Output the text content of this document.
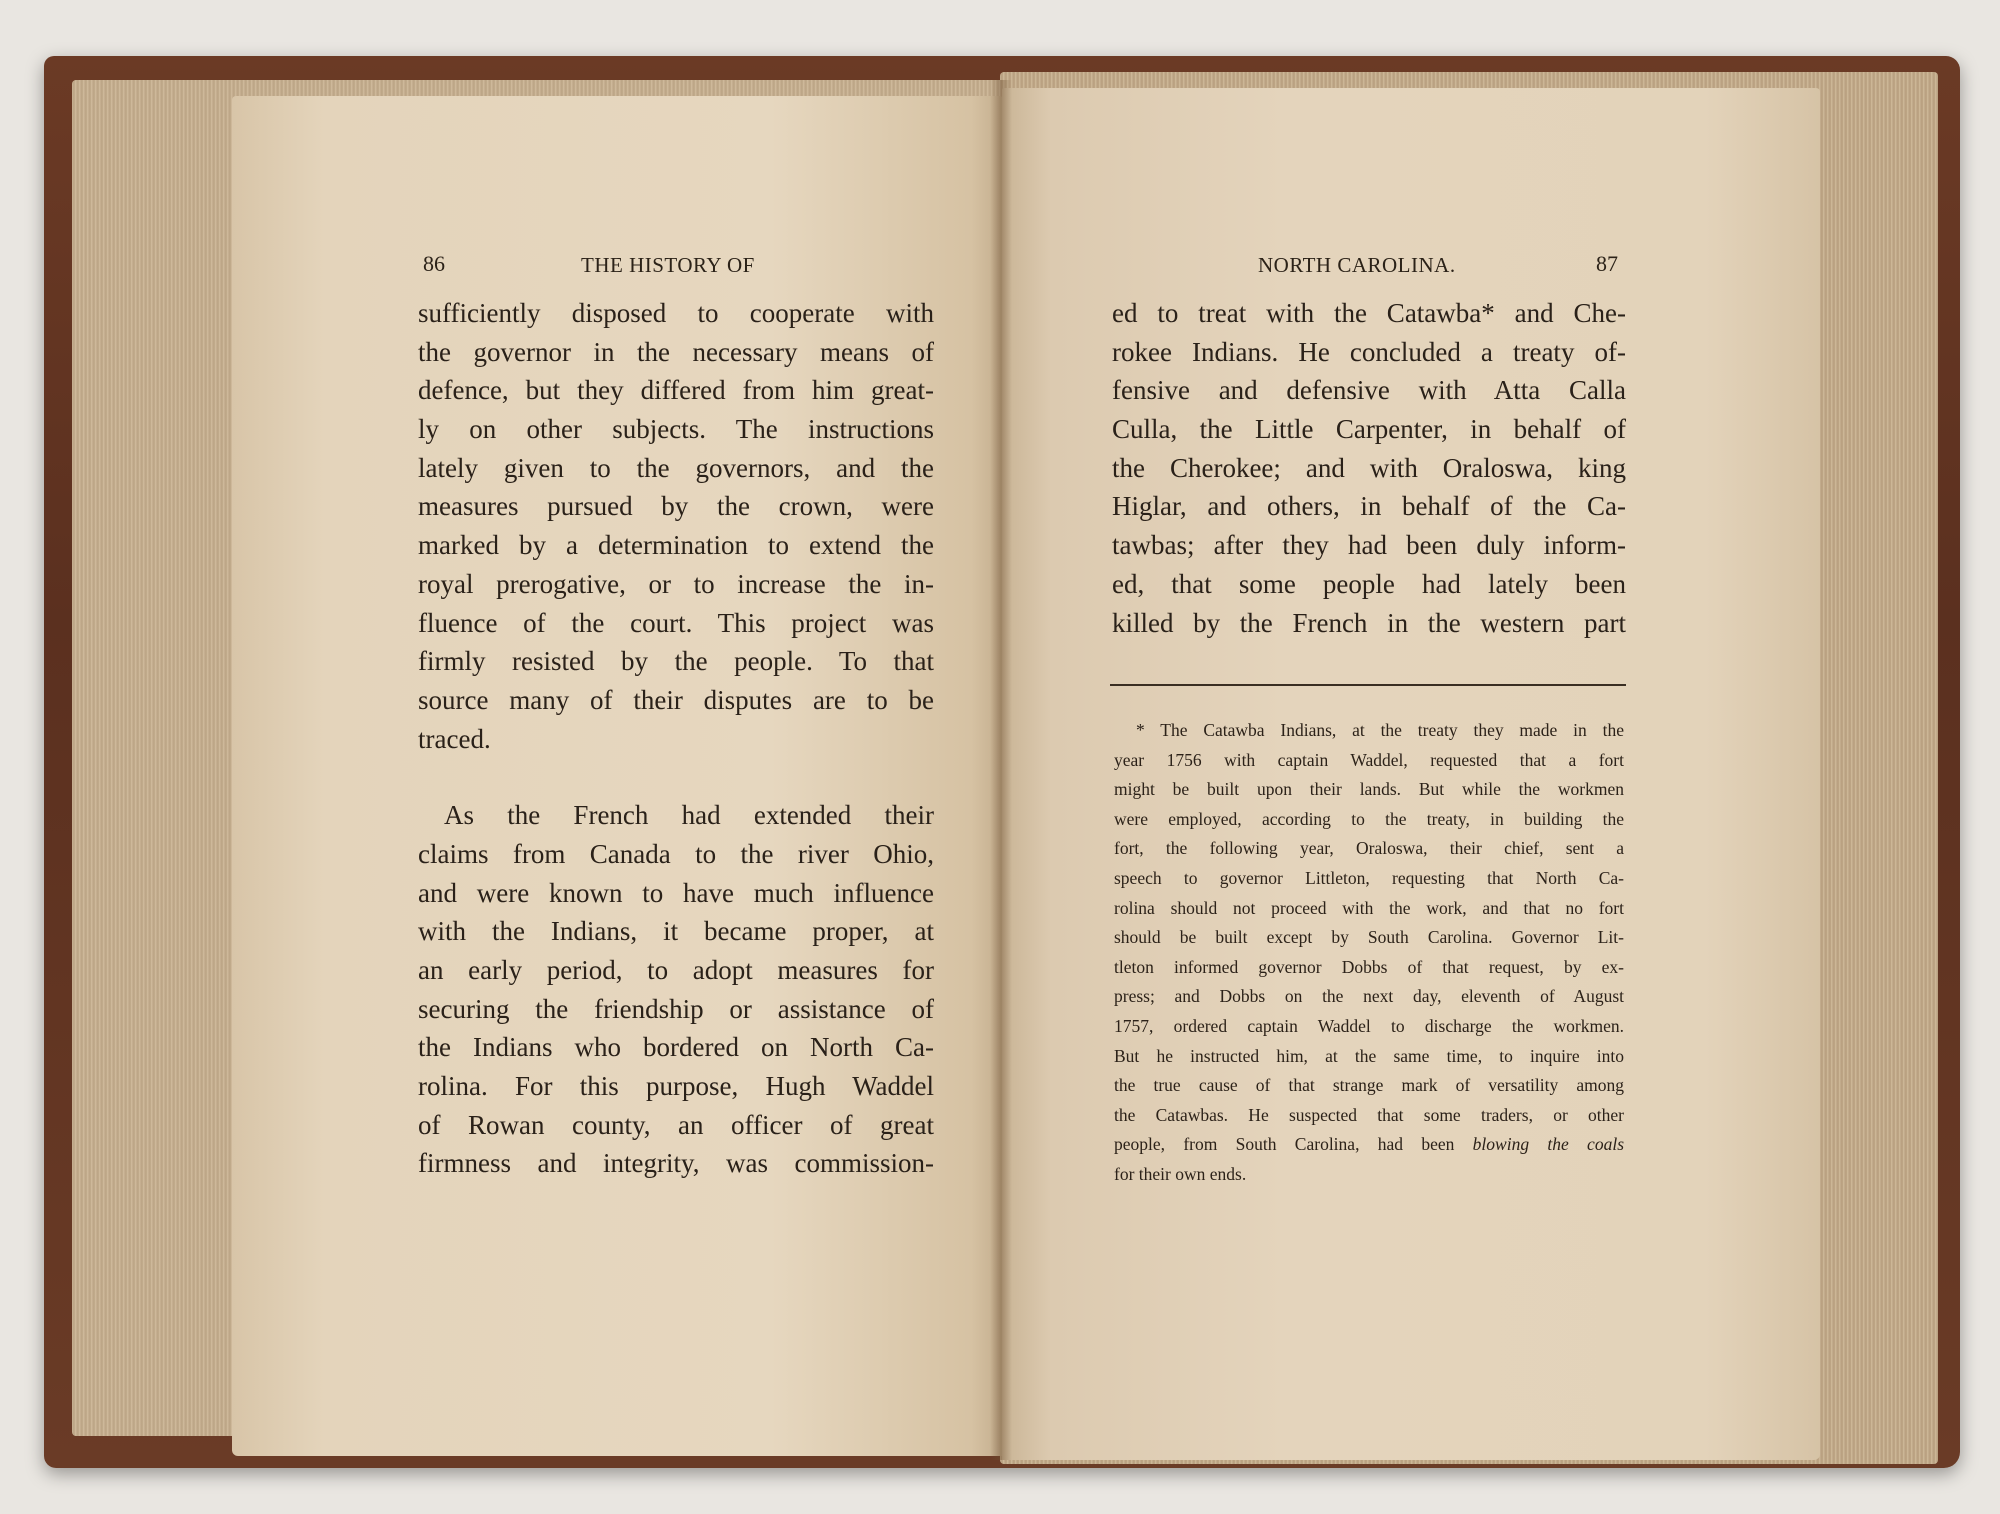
86	THE HISTORY OF
sufficiently disposed to cooperate with
the governor in the necessary means of
defence, but they differed from him great-
ly on other subjects. The instructions
lately given to the governors, and the
measures pursued by the crown, were
marked by a determination to extend the
royal prerogative, or to increase the in-
fluence of the court. This project was
firmly resisted by the people. To that
source many of their disputes are to be
traced.
As the French had extended their
claims from Canada to the river Ohio,
and were known to have much influence
with the Indians, it became proper, at
an early period, to adopt measures for
securing the friendship or assistance of
the Indians who bordered on North Ca-
rolina. For this purpose, Hugh Waddel
of Rowan county, an officer of great
firmness and integrity, was commission-
NORTH CAROLINA.	87
ed to treat with the Catawba* and Che-
rokee Indians. He concluded a treaty of-
fensive and defensive with Atta Calla
Culla, the Little Carpenter, in behalf of
the Cherokee; and with Oraloswa, king
Higlar, and others, in behalf of the Ca-
tawbas; after they had been duly inform-
ed, that some people had lately been
killed by the French in the western part
* The Catawba Indians, at the treaty they made in the
year 1756 with captain Waddel, requested that a fort
might be built upon their lands. But while the workmen
were employed, according to the treaty, in building the
fort, the following year, Oraloswa, their chief, sent a
speech to governor Littleton, requesting that North Ca-
rolina should not proceed with the work, and that no fort
should be built except by South Carolina. Governor Lit-
tleton informed governor Dobbs of that request, by ex-
press; and Dobbs on the next day, eleventh of August
1757, ordered captain Waddel to discharge the workmen.
But he instructed him, at the same time, to inquire into
the true cause of that strange mark of versatility among
the Catawbas. He suspected that some traders, or other
people, from South Carolina, had been blowing the coals
for their own ends.
